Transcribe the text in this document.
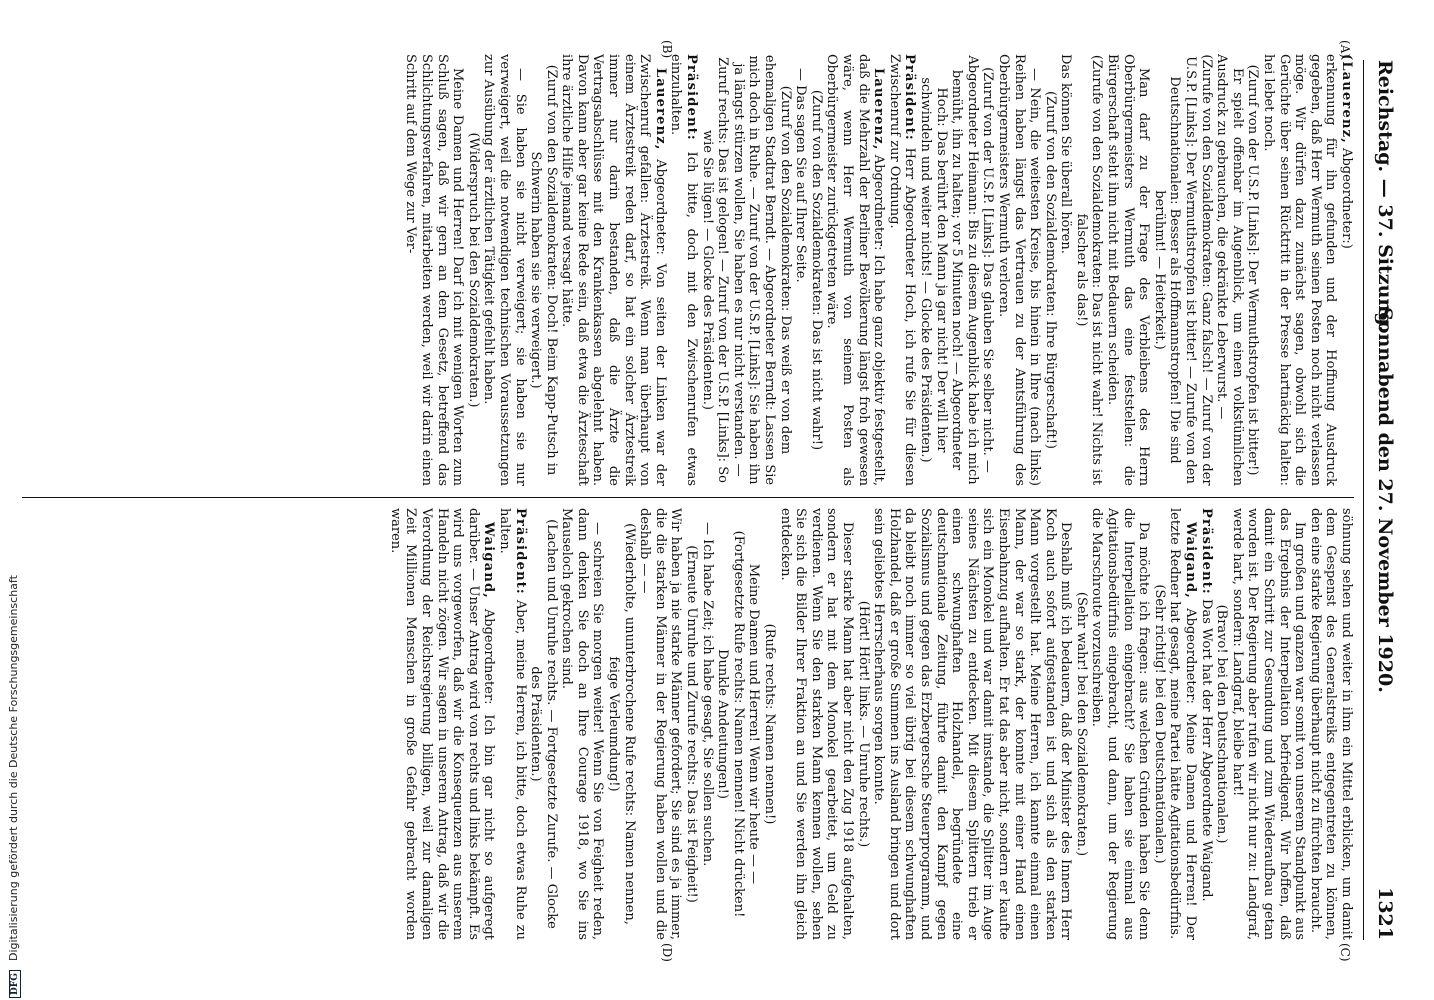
Reichstag. — 37. Sitzung.
Sonnabend den 27. November 1920.
1321
(A)
(B)
(C)
(D)

(Lauerenz, Abgeordneter:)

erkennung für ihn gefunden und der Hoffnung Ausdruck gegeben, daß Herr Wermuth seinen Posten noch nicht verlassen möge. Wir dürfen dazu zunächst sagen, obwohl sich die Gerüchte über seinen Rücktritt in der Presse hartnäckig halten: hei lebet noch.

(Zuruf von der U.S.P. [Links]: Der Wermuthstropfen ist bitter!)

Er spielt offenbar im Augenblick, um einen volkstümlichen Ausdruck zu gebrauchen, die gekränkte Leberwurst. —

(Zurufe von den Sozialdemokraten: Ganz falsch! — Zuruf von der U.S.P. [Links]: Der Wermuthstropfen ist bitter! — Zurufe von den Deutschnationalen: Besser als Hoffmannstropfen! Die sind berühmt! — Heiterkeit.)

Man darf zu der Frage des Verbleibens des Herrn Oberbürgermeisters Wermuth das eine feststellen: die Bürgerschaft steht ihm nicht mit Bedauern scheiden.

(Zurufe von den Sozialdemokraten: Das ist nicht wahr! Nichts ist falscher als das!)

Das können Sie überall hören.

(Zuruf von den Sozialdemokraten: Ihre Bürgerschaft!)

— Nein, die weitesten Kreise, bis hinein in Ihre (nach links) Reihen haben längst das Vertrauen zu der Amtsführung des Oberbürgermeisters Wermuth verloren.

(Zuruf von der U.S.P. [Links]: Das glauben Sie selber nicht. — Abgeordneter Heimann: Bis zu diesem Augenblick habe ich mich bemüht, ihn zu halten; vor 5 Minuten noch! — Abgeordneter Hoch: Das berührt den Mann ja gar nicht! Der will hier schwindeln und weiter nichts! — Glocke des Präsidenten.)

Präsident: Herr Abgeordneter Hoch, ich rufe Sie für diesen Zwischenruf zur Ordnung.

Lauerenz, Abgeordneter: Ich habe ganz objektiv festgestellt, daß die Mehrzahl der Berliner Bevölkerung längst froh gewesen wäre, wenn Herr Wermuth von seinem Posten als Oberbürgermeister zurückgetreten wäre.

(Zuruf von den Sozialdemokraten: Das ist nicht wahr!)

— Das sagen Sie auf Ihrer Seite.

(Zuruf von den Sozialdemokraten: Das weiß er von dem ehemaligen Stadtrat Berndt. — Abgeordneter Berndt: Lassen Sie mich doch in Ruhe. — Zuruf von der U.S.P. [Links]: Sie haben ihn ja längst stürzen wollen, Sie haben es nur nicht verstanden. — Zuruf rechts: Das ist gelogen! — Zuruf von der U.S.P. [Links]: So wie Sie lügen! — Glocke des Präsidenten.)

Präsident: Ich bitte, doch mit den Zwischenrufen etwas einzuhalten.

Lauerenz, Abgeordneter: Von seiten der Linken war der Zwischenruf gefallen: Ärztestreik. Wenn man überhaupt von einem Ärztestreik reden darf, so hat ein solcher Ärztestreik immer nur darin bestanden, daß die Ärzte die Vertragsabschlüsse mit den Krankenkassen abgelehnt haben. Davon kann aber gar keine Rede sein, daß etwa die Ärzteschaft ihre ärztliche Hilfe jemand versagt hätte.

(Zuruf von den Sozialdemokraten: Doch! Beim Kapp-Putsch in Schwerin haben sie sie verweigert.)

— Sie haben sie nicht verweigert; sie haben sie nur verweigert, weil die notwendigen technischen Voraussetzungen zur Ausübung der ärztlichen Tätigkeit gefehlt haben.

(Widerspruch bei den Sozialdemokraten.)

Meine Damen und Herren! Darf ich mit wenigen Worten zum Schluß sagen, daß wir gern an dem Gesetz, betreffend das Schlichtungsverfahren, mitarbeiten werden, weil wir darin einen Schritt auf dem Wege zur Ver-

söhnung sehen und weiter in ihm ein Mittel erblicken, um damit dem Gespenst des Generalstreiks entgegentreten zu können, den eine starke Regierung überhaupt nicht zu fürchten braucht.

Im großen und ganzen war somit von unserem Standpunkt aus das Ergebnis der Interpellation befriedigend. Wir hoffen, daß damit ein Schritt zur Gesundung und zum Wiederaufbau getan worden ist. Der Regierung aber rufen wir nicht nur zu: Landgraf, werde hart, sondern: Landgraf, bleibe hart!

(Bravo! bei den Deutschnationalen.)

Präsident: Das Wort hat der Herr Abgeordnete Waigand.

Waigand, Abgeordneter: Meine Damen und Herren! Der letzte Redner hat gesagt, meine Partei hätte Agitationsbedürfnis.

(Sehr richtig! bei den Deutschnationalen.)

Da möchte ich fragen: aus welchen Gründen haben Sie denn die Interpellation eingebracht? Sie haben sie einmal aus Agitationsbedürfnis eingebracht, und dann, um der Regierung die Marschroute vorzuschreiben.

(Sehr wahr! bei den Sozialdemokraten.)

Deshalb muß ich bedauern, daß der Minister des Innern Herr Koch auch sofort aufgestanden ist und sich als den starken Mann vorgestellt hat. Meine Herren, ich kannte einmal einen Mann, der war so stark, der konnte mit einer Hand einen Eisenbahnzug aufhalten. Er tat das aber nicht, sondern er kaufte sich ein Monokel und war damit imstande, die Splitter im Auge seines Nächsten zu entdecken. Mit diesem Splittern trieb er einen schwunghaften Holzhandel, begründete eine deutschnationale Zeitung, führte damit den Kampf gegen Sozialismus und gegen das Erzbergersche Steuerprogramm, und da bleibt noch immer so viel übrig bei diesem schwunghaften Holzhandel, daß er große Summen ins Ausland bringen und dort sein geliebtes Herrscherhaus sorgen konnte.

(Hört! Hört! links. — Unruhe rechts.)

Dieser starke Mann hat aber nicht den Zug 1918 aufgehalten, sondern er hat mit dem Monokel gearbeitet, um Geld zu verdienen. Wenn Sie den starken Mann kennen wollen, sehen Sie sich die Bilder Ihrer Fraktion an und Sie werden ihn gleich entdecken.

(Rufe rechts: Namen nennen!)

Meine Damen und Herren! Wenn wir heute — —

(Fortgesetzte Rufe rechts: Namen nennen! Nicht drücken! Dunkle Andeutungen!)

— Ich habe Zeit; ich habe gesagt, Sie sollen suchen.

(Erneute Unruhe und Zurufe rechts: Das ist Feigheit!)

Wir haben ja nie starke Männer gefordert; Sie sind es ja immer, die die starken Männer in der Regierung haben wollen und die deshalb — —

(Wiederholte, ununterbrochene Rufe rechts: Namen nennen, feige Verleumdung!)

— schreien Sie morgen weiter! Wenn Sie von Feigheit reden, dann denken Sie doch an Ihre Courage 1918, wo Sie ins Mauseloch gekrochen sind.

(Lachen und Unruhe rechts. — Fortgesetzte Zurufe. — Glocke des Präsidenten.)

Präsident: Aber, meine Herren, ich bitte, doch etwas Ruhe zu halten.

Waigand, Abgeordneter: Ich bin gar nicht so aufgeregt darüber. — Unser Antrag wird von rechts und links bekämpft. Es wird uns vorgeworfen, daß wir die Konsequenzen aus unserem Handeln nicht zögen. Wir sagen in unserem Antrag, daß wir die Verordnung der Reichsregierung billigen, weil zur damaligen Zeit Millionen Menschen in große Gefahr gebracht worden waren.

DFG Digitalisierung gefördert durch die Deutsche Forschungsgemeinschaft
